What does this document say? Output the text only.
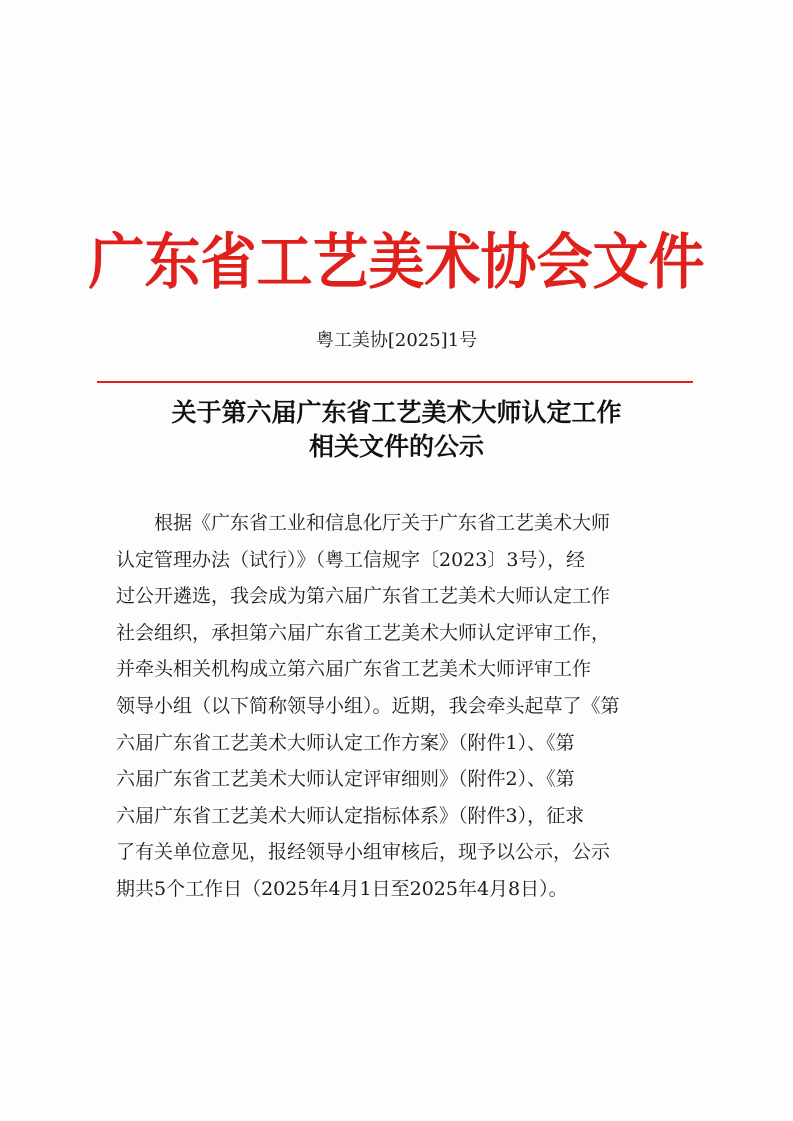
广东省工艺美术协会文件
粤工美协[2025]1号
关于第六届广东省工艺美术大师认定工作
相关文件的公示
根据《广东省工业和信息化厅关于广东省工艺美术大师
认定管理办法（试行）》（粤工信规字〔2023〕3号），经
过公开遴选，我会成为第六届广东省工艺美术大师认定工作
社会组织，承担第六届广东省工艺美术大师认定评审工作，
并牵头相关机构成立第六届广东省工艺美术大师评审工作
领导小组（以下简称领导小组）。近期，我会牵头起草了《第
六届广东省工艺美术大师认定工作方案》（附件1）、《第
六届广东省工艺美术大师认定评审细则》（附件2）、《第
六届广东省工艺美术大师认定指标体系》（附件3），征求
了有关单位意见，报经领导小组审核后，现予以公示，公示
期共5个工作日（2025年4月1日至2025年4月8日）。
